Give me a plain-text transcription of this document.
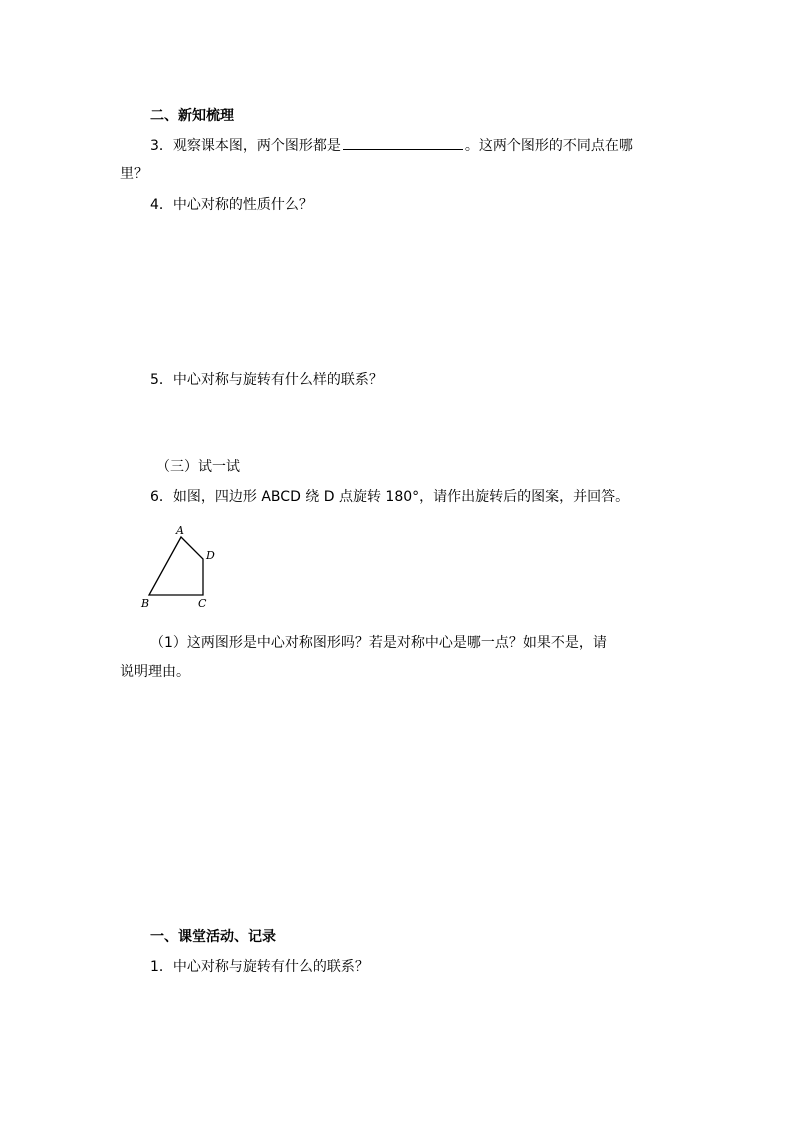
二、新知梳理
3．观察课本图，两个图形都是	。这两个图形的不同点在哪
里？
4．中心对称的性质什么？
5．中心对称与旋转有什么样的联系？
（三）试一试
6．如图，四边形 ABCD 绕 D 点旋转 180°，请作出旋转后的图案，并回答。
A
D
B	C
（1）这两图形是中心对称图形吗？若是对称中心是哪一点？如果不是，请
说明理由。
一、课堂活动、记录
1．中心对称与旋转有什么的联系？
